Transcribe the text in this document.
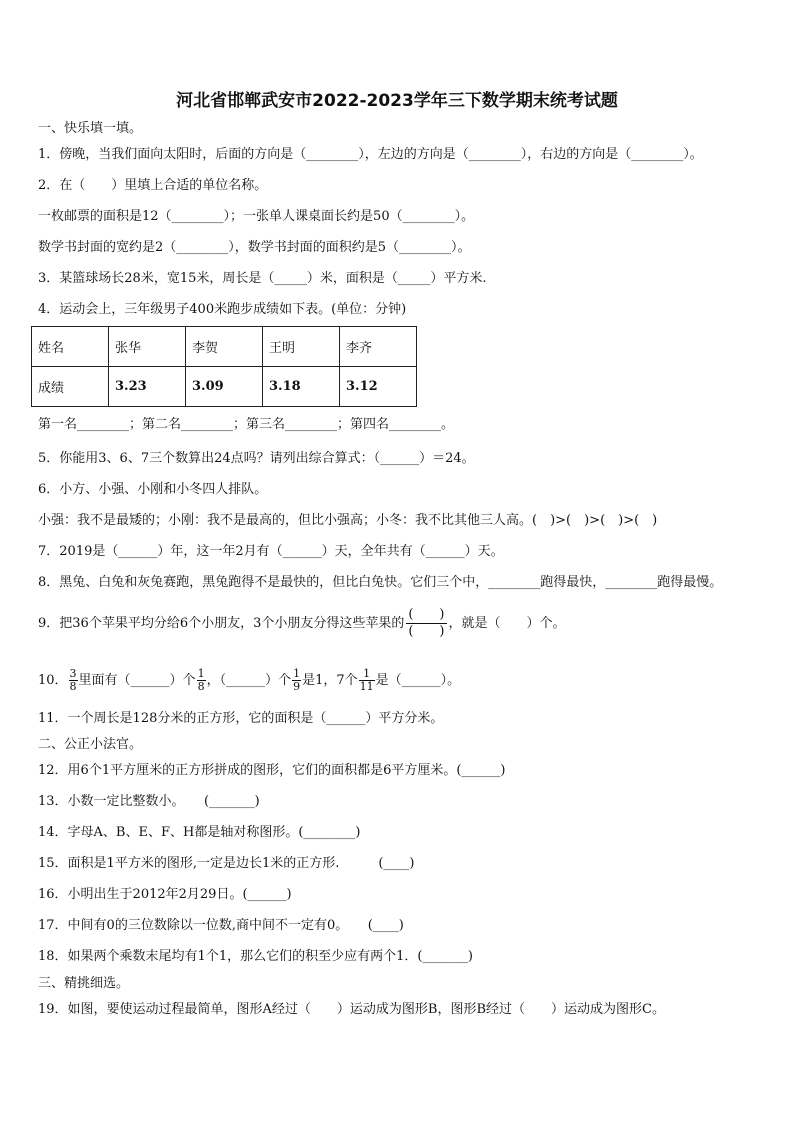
河北省邯郸武安市2022-2023学年三下数学期末统考试题
一、快乐填一填。
1．傍晚，当我们面向太阳时，后面的方向是（________），左边的方向是（________），右边的方向是（________）。
2．在（　　）里填上合适的单位名称。
一枚邮票的面积是12（________）；一张单人课桌面长约是50（________）。
数学书封面的宽约是2（________），数学书封面的面积约是5（________）。
3．某篮球场长28米，宽15米，周长是（_____）米，面积是（_____）平方米.
4．运动会上，三年级男子400米跑步成绩如下表。(单位：分钟)
姓名	张华	李贺	王明	李齐
成绩	3.23	3.09	3.18	3.12
第一名________；第二名________；第三名________；第四名________。
5．你能用3、6、7三个数算出24点吗？请列出综合算式：（______）＝24。
6．小方、小强、小刚和小冬四人排队。
小强：我不是最矮的；小刚：我不是最高的，但比小强高；小冬：我不比其他三人高。(　)>(　)>(　)>(　)
7．2019是（______）年，这一年2月有（______）天，全年共有（______）天。
8．黑兔、白兔和灰兔赛跑，黑兔跑得不是最快的，但比白兔快。它们三个中，________跑得最快，________跑得最慢。
9．把36个苹果平均分给6个小朋友，3个小朋友分得这些苹果的
(　　)
(　　)
，就是（　　）个。
10． $\frac{3}{8}$ 里面有（______）个 $\frac{1}{8}$ ，（______）个 $\frac{1}{9}$ 是1，7个 $\frac{1}{11}$ 是（______）。
11．一个周长是128分米的正方形，它的面积是（______）平方分米。
二、公正小法官。
12．用6个1平方厘米的正方形拼成的图形，它们的面积都是6平方厘米。(______)
13．小数一定比整数小。　　(_______)
14．字母A、B、E、F、H都是轴对称图形。(________)
15．面积是1平方米的图形,一定是边长1米的正方形.　　　(____)
16．小明出生于2012年2月29日。(______)
17．中间有0的三位数除以一位数,商中间不一定有0。　　(____)
18．如果两个乘数末尾均有1个1，那么它们的积至少应有两个1．(_______)
三、精挑细选。
19．如图，要使运动过程最简单，图形A经过（　　）运动成为图形B，图形B经过（　　）运动成为图形C。
